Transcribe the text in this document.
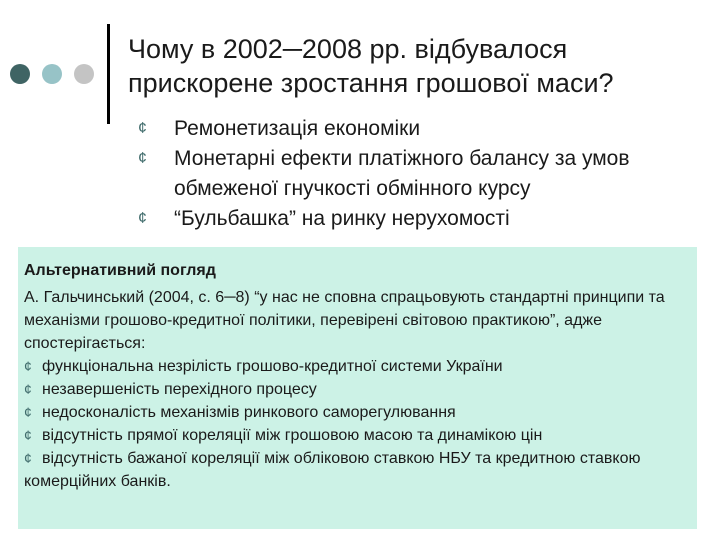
Чому в 2002─2008 рр. відбувалося прискорене зростання грошової маси?
¢ Ремонетизація економіки
¢ Монетарні ефекти платіжного балансу за умов обмеженої гнучкості обмінного курсу
¢ “Бульбашка” на ринку нерухомості
Альтернативний погляд

А. Гальчинський (2004, с. 6─8) “у нас не сповна спрацьовують стандартні принципи та механізми грошово-кредитної політики, перевірені світовою практикою”, адже спостерігається:

¢ функціональна незрілість грошово-кредитної системи України
¢ незавершеність перехідного процесу
¢ недосконалість механізмів ринкового саморегулювання
¢ відсутність прямої кореляції між грошовою масою та динамікою цін
¢ відсутність бажаної кореляції між обліковою ставкою НБУ та кредитною ставкою комерційних банків.
